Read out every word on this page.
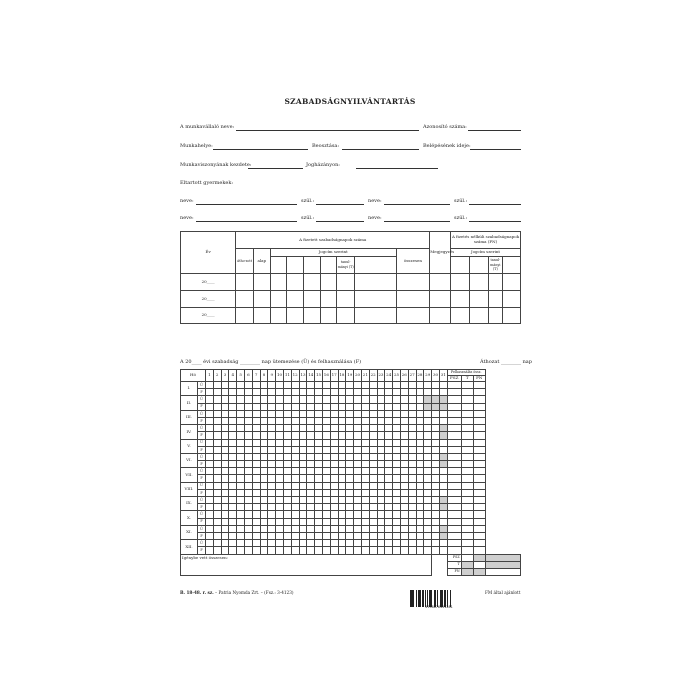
SZABADSÁGNYILVÁNTARTÁS
A munkavállaló neve:	Azonosító száma:
Munkahelye:	Beosztása:	Belépésének ideje:
Munkaviszonyának kezdete:	Jogházányon:
Eltartott gyermekek:
neve:	szül.:	neve:	szül.:
neve:	szül.:	neve:	szül.:
Év	A fizetett szabadságnapok száma									Megjegyzés	A fizetés nélküli szabadságnapok száma (FN)			
	átho-zott	alap	Jogcím szerint						összesen		Jogcím szerint			
							tanul-mányi (T)						tanul-mányi (T)	
20____														
20____														
20____														
A 20____ évi szabadság ________ nap ütemezése (Ü) és felhasználása (F)	Áthozat ________ nap
Hó		1	2	3	4	5	6	7	8	9	10	11	12	13	14	15	16	17	18	19	20	21	22	23	24	25	26	27	28	29	30	31	Felhasználás össz.			
																																	FSZ	T	FN	
I.	Ü																																			
	F																																			
II.	Ü																																			
	F																																			
III.	Ü																																			
	F																																			
IV.	Ü																																			
	F																																			
V.	Ü																																			
	F																																			
VI.	Ü																																			
	F																																			
VII.	Ü																																			
	F																																			
VIII.	Ü																																			
	F																																			
IX.	Ü																																			
	F																																			
X.	Ü																																			
	F																																			
XI.	Ü																																			
	F																																			
XII.	Ü																																			
	F																																			
Igénybe vett összesen:																																	FSZ			
																																	T			
																																	FN			
B. 18-48. r. sz. – Patria Nyomda Zrt. – (Fsz.: 3-4123)	FM által ajánlott
5998076451281
